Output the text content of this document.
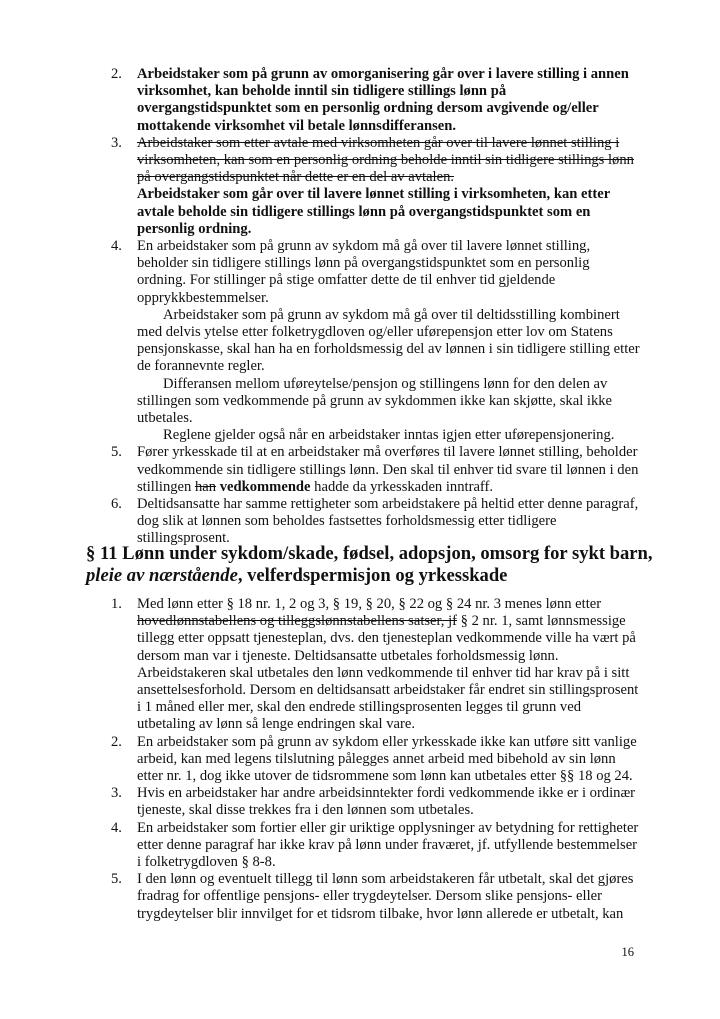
2. Arbeidstaker som på grunn av omorganisering går over i lavere stilling i annen virksomhet, kan beholde inntil sin tidligere stillings lønn på overgangstidspunktet som en personlig ordning dersom avgivende og/eller mottakende virksomhet vil betale lønnsdifferansen.

3. Arbeidstaker som etter avtale med virksomheten går over til lavere lønnet stilling i virksomheten, kan som en personlig ordning beholde inntil sin tidligere stillings lønn på overgangstidspunktet når dette er en del av avtalen.

Arbeidstaker som går over til lavere lønnet stilling i virksomheten, kan etter avtale beholde sin tidligere stillings lønn på overgangstidspunktet som en personlig ordning.

4. En arbeidstaker som på grunn av sykdom må gå over til lavere lønnet stilling, beholder sin tidligere stillings lønn på overgangstidspunktet som en personlig ordning. For stillinger på stige omfatter dette de til enhver tid gjeldende opprykkbestemmelser.

Arbeidstaker som på grunn av sykdom må gå over til deltidsstilling kombinert med delvis ytelse etter folketrygdloven og/eller uførepensjon etter lov om Statens pensjonskasse, skal han ha en forholdsmessig del av lønnen i sin tidligere stilling etter de forannevnte regler.

Differansen mellom uføreytelse/pensjon og stillingens lønn for den delen av stillingen som vedkommende på grunn av sykdommen ikke kan skjøtte, skal ikke utbetales.

Reglene gjelder også når en arbeidstaker inntas igjen etter uførepensjonering.

5. Fører yrkesskade til at en arbeidstaker må overføres til lavere lønnet stilling, beholder vedkommende sin tidligere stillings lønn. Den skal til enhver tid svare til lønnen i den stillingen han vedkommende hadde da yrkesskaden inntraff.

6. Deltidsansatte har samme rettigheter som arbeidstakere på heltid etter denne paragraf, dog slik at lønnen som beholdes fastsettes forholdsmessig etter tidligere stillingsprosent.

§ 11 Lønn under sykdom/skade, fødsel, adopsjon, omsorg for sykt barn, pleie av nærstående, velferdspermisjon og yrkesskade
1. Med lønn etter § 18 nr. 1, 2 og 3, § 19, § 20, § 22 og § 24 nr. 3 menes lønn etter hovedlønnstabellens og tilleggslønnstabellens satser, jf § 2 nr. 1, samt lønnsmessige tillegg etter oppsatt tjenesteplan, dvs. den tjenesteplan vedkommende ville ha vært på dersom man var i tjeneste. Deltidsansatte utbetales forholdsmessig lønn. Arbeidstakeren skal utbetales den lønn vedkommende til enhver tid har krav på i sitt ansettelsesforhold. Dersom en deltidsansatt arbeidstaker får endret sin stillingsprosent i 1 måned eller mer, skal den endrede stillingsprosenten legges til grunn ved utbetaling av lønn så lenge endringen skal vare.

2. En arbeidstaker som på grunn av sykdom eller yrkesskade ikke kan utføre sitt vanlige arbeid, kan med legens tilslutning pålegges annet arbeid med bibehold av sin lønn etter nr. 1, dog ikke utover de tidsrommene som lønn kan utbetales etter §§ 18 og 24.

3. Hvis en arbeidstaker har andre arbeidsinntekter fordi vedkommende ikke er i ordinær tjeneste, skal disse trekkes fra i den lønnen som utbetales.

4. En arbeidstaker som fortier eller gir uriktige opplysninger av betydning for rettigheter etter denne paragraf har ikke krav på lønn under fraværet, jf. utfyllende bestemmelser i folketrygdloven § 8-8.

5. I den lønn og eventuelt tillegg til lønn som arbeidstakeren får utbetalt, skal det gjøres fradrag for offentlige pensjons- eller trygdeytelser. Dersom slike pensjons- eller trygdeytelser blir innvilget for et tidsrom tilbake, hvor lønn allerede er utbetalt, kan

16
